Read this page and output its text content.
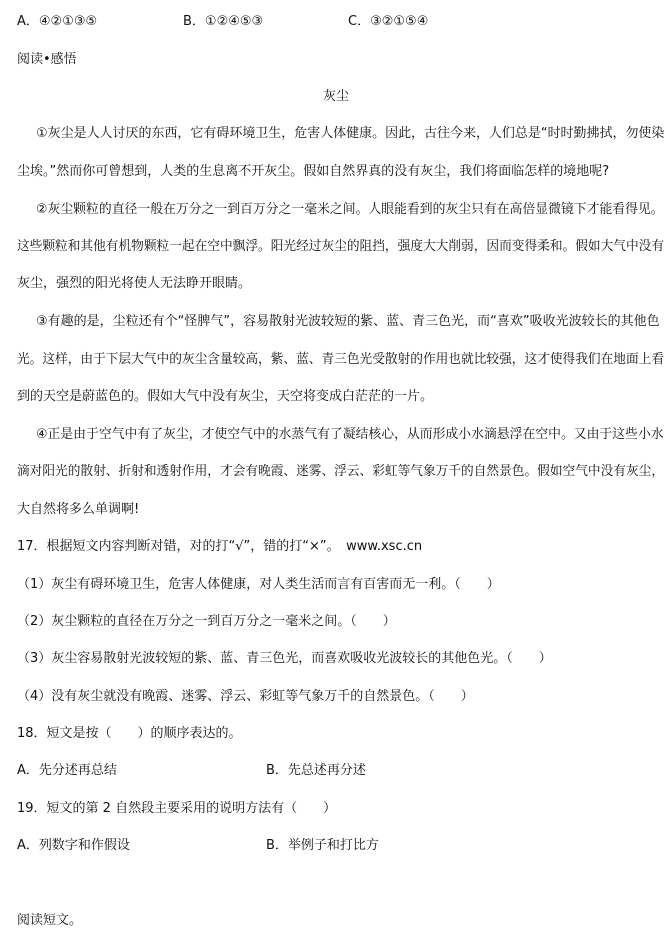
A．④②①③⑤	B．①②④⑤③	C．③②①⑤④
阅读•感悟
灰尘
①灰尘是人人讨厌的东西，它有碍环境卫生，危害人体健康。因此，古往今来，人们总是“时时勤拂拭，勿使染
尘埃。”然而你可曾想到，人类的生息离不开灰尘。假如自然界真的没有灰尘，我们将面临怎样的境地呢?
②灰尘颗粒的直径一般在万分之一到百万分之一毫米之间。人眼能看到的灰尘只有在高倍显微镜下才能看得见。
这些颗粒和其他有机物颗粒一起在空中飘浮。阳光经过灰尘的阻挡，强度大大削弱，因而变得柔和。假如大气中没有
灰尘，强烈的阳光将使人无法睁开眼睛。
③有趣的是，尘粒还有个“怪脾气”，容易散射光波较短的紫、蓝、青三色光，而“喜欢”吸收光波较长的其他色
光。这样，由于下层大气中的灰尘含量较高，紫、蓝、青三色光受散射的作用也就比较强，这才使得我们在地面上看
到的天空是蔚蓝色的。假如大气中没有灰尘，天空将变成白茫茫的一片。
④正是由于空气中有了灰尘，才使空气中的水蒸气有了凝结核心，从而形成小水滴悬浮在空中。又由于这些小水
滴对阳光的散射、折射和透射作用，才会有晚霞、迷雾、浮云、彩虹等气象万千的自然景色。假如空气中没有灰尘，
大自然将多么单调啊!
17．根据短文内容判断对错，对的打“√”，错的打“×”。　www.xsc.cn
（1）灰尘有碍环境卫生，危害人体健康，对人类生活而言有百害而无一利。（　　）
（2）灰尘颗粒的直径在万分之一到百万分之一毫米之间。（　　）
（3）灰尘容易散射光波较短的紫、蓝、青三色光，而喜欢吸收光波较长的其他色光。（　　）
（4）没有灰尘就没有晚霞、迷雾、浮云、彩虹等气象万千的自然景色。（　　）
18．短文是按（　　）的顺序表达的。
A．先分述再总结	B．先总述再分述
19．短文的第 2 自然段主要采用的说明方法有（　　）
A．列数字和作假设	B．举例子和打比方
阅读短文。
